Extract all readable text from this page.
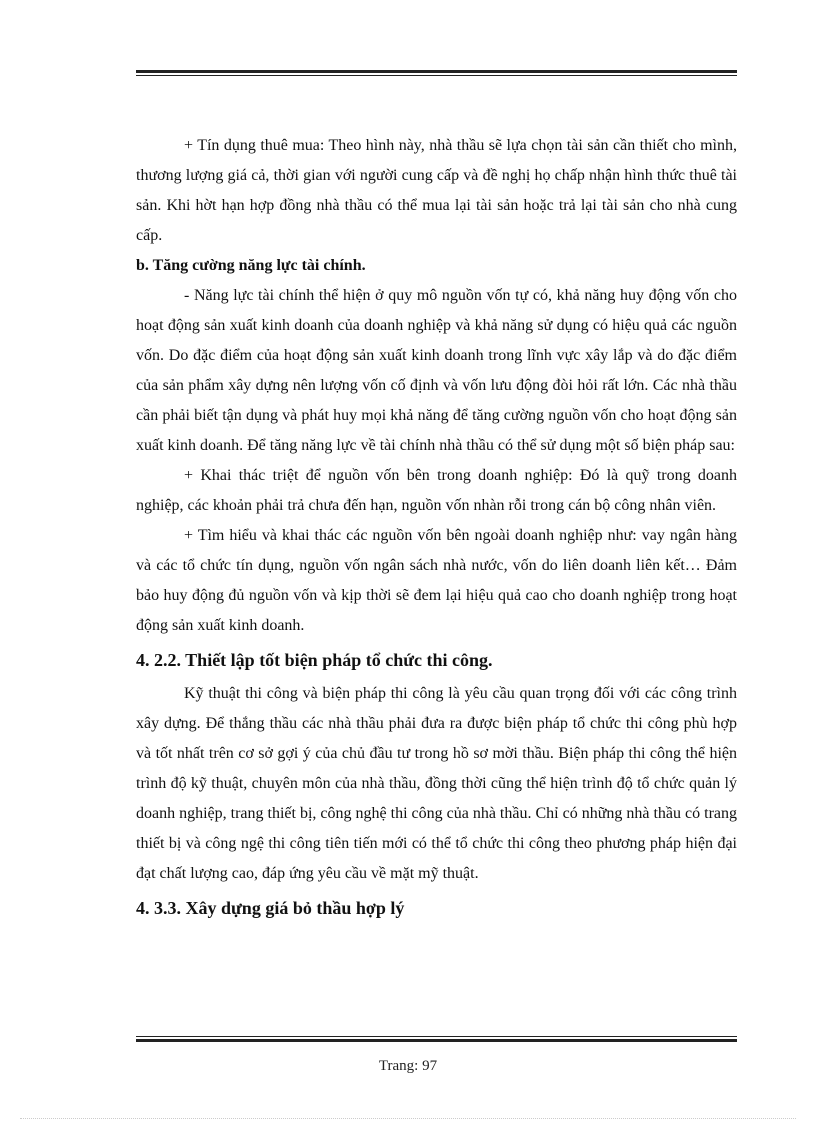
+ Tín dụng thuê mua: Theo hình này, nhà thầu sẽ lựa chọn tài sản cần thiết cho mình, thương lượng giá cả, thời gian với người cung cấp và đề nghị họ chấp nhận hình thức thuê tài sản. Khi hờt hạn hợp đồng nhà thầu có thể mua lại tài sản hoặc trả lại tài sản cho nhà cung cấp.

b. Tăng cường năng lực tài chính.

- Năng lực tài chính thể hiện ở quy mô nguồn vốn tự có, khả năng huy động vốn cho hoạt động sản xuất kinh doanh của doanh nghiệp và khả năng sử dụng có hiệu quả các nguồn vốn. Do đặc điểm của hoạt động sản xuất kinh doanh trong lĩnh vực xây lắp và do đặc điểm của sản phẩm xây dựng nên lượng vốn cố định và vốn lưu động đòi hỏi rất lớn. Các nhà thầu cần phải biết tận dụng và phát huy mọi khả năng để tăng cường nguồn vốn cho hoạt động sản xuất kinh doanh. Để tăng năng lực về tài chính nhà thầu có thể sử dụng một số biện pháp sau:

+ Khai thác triệt để nguồn vốn bên trong doanh nghiệp: Đó là quỹ trong doanh nghiệp, các khoản phải trả chưa đến hạn, nguồn vốn nhàn rỗi trong cán bộ công nhân viên.

+ Tìm hiểu và khai thác các nguồn vốn bên ngoài doanh nghiệp như: vay ngân hàng và các tổ chức tín dụng, nguồn vốn ngân sách nhà nước, vốn do liên doanh liên kết… Đảm bảo huy động đủ nguồn vốn và kịp thời sẽ đem lại hiệu quả cao cho doanh nghiệp trong hoạt động sản xuất kinh doanh.

4. 2.2. Thiết lập tốt biện pháp tổ chức thi công.

Kỹ thuật thi công và biện pháp thi công là yêu cầu quan trọng đối với các công trình xây dựng. Để thắng thầu các nhà thầu phải đưa ra được biện pháp tổ chức thi công phù hợp và tốt nhất trên cơ sở gợi ý của chủ đầu tư trong hồ sơ mời thầu. Biện pháp thi công thể hiện trình độ kỹ thuật, chuyên môn của nhà thầu, đồng thời cũng thể hiện trình độ tổ chức quản lý doanh nghiệp, trang thiết bị, công nghệ thi công của nhà thầu. Chỉ có những nhà thầu có trang thiết bị và công ngệ thi công tiên tiến mới có thể tổ chức thi công theo phương pháp hiện đại đạt chất lượng cao, đáp ứng yêu cầu về mặt mỹ thuật.

4. 3.3. Xây dựng giá bỏ thầu hợp lý
Trang: 97
